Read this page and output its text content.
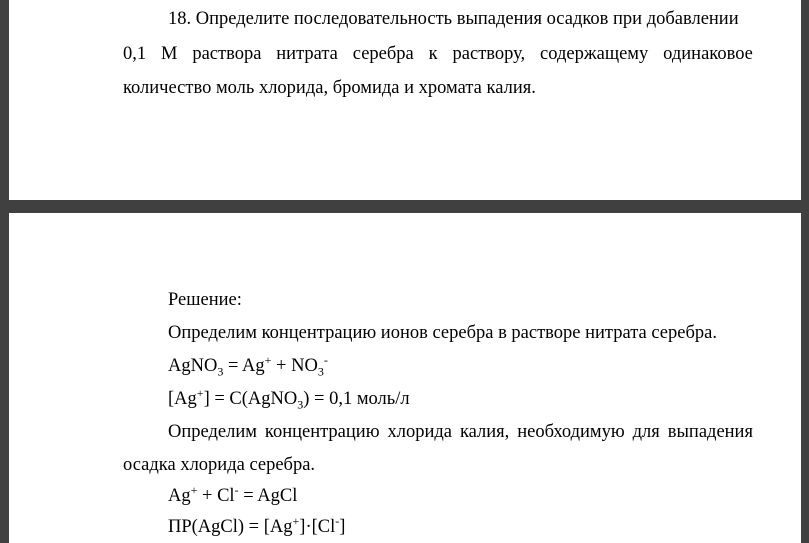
18. Определите последовательность выпадения осадков при добавлении
0,1 М раствора нитрата серебра к раствору, содержащему одинаковое
количество моль хлорида, бромида и хромата калия.
Решение:
Определим концентрацию ионов серебра в растворе нитрата серебра.
AgNO$_3$ = $Ag^+ + NO_3^-$
[Ag+] = C(AgNO$_3$) = 0,1 моль/л
Определим концентрацию хлорида калия, необходимую для выпадения
осадка хлорида серебра.
Ag+ + Cl- = AgCl
ПР(AgCl) = [Ag+]·[Cl-]
